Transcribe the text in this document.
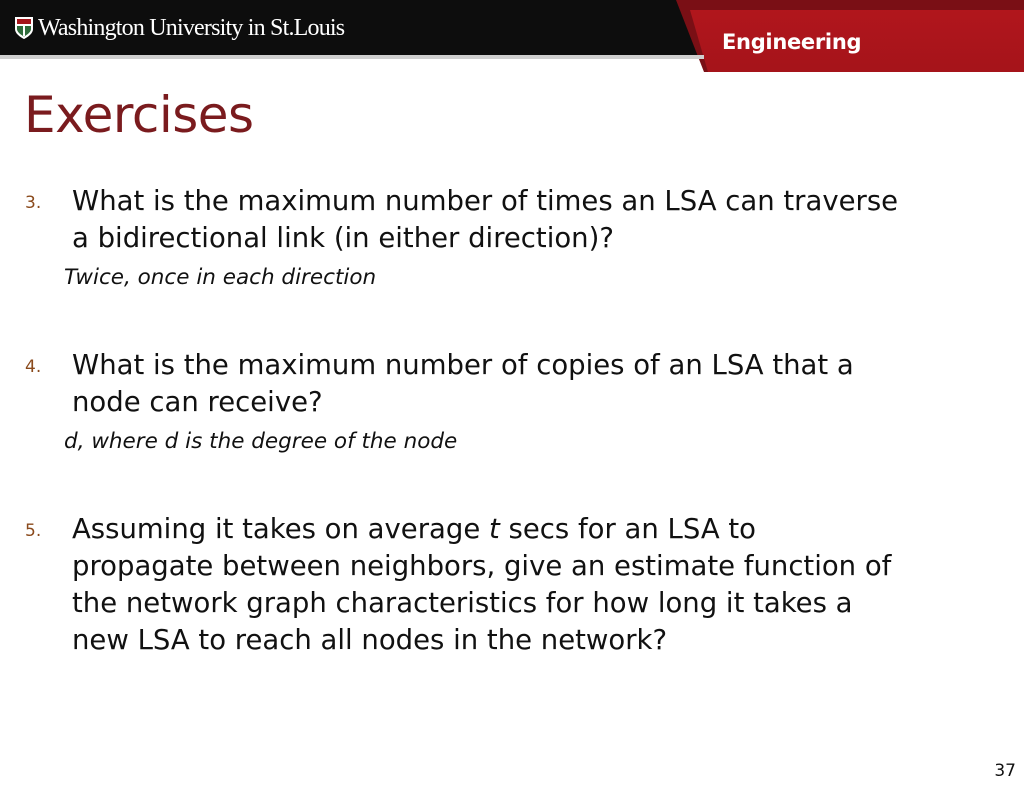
Washington University in St.Louis
Engineering
Exercises
3. What is the maximum number of times an LSA can traverse
a bidirectional link (in either direction)?
Twice, once in each direction
4. What is the maximum number of copies of an LSA that a
node can receive?
d, where d is the degree of the node
5. Assuming it takes on average t secs for an LSA to
propagate between neighbors, give an estimate function of
the network graph characteristics for how long it takes a
new LSA to reach all nodes in the network?
37
